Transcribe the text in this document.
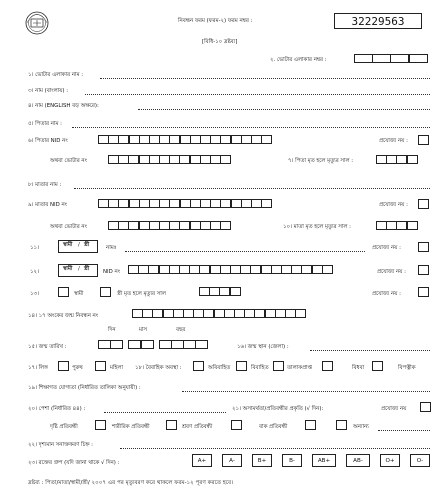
নিবন্ধন ফরম (ফরম-২) ফরম নম্বর :	32229563
[বিধি-১০ দ্রষ্টব্য]
২. ভোটার এলাকার নম্বর :
১। ভোটার এলাকার নাম :
৩। নাম (বাংলায়) :
৪। নাম (ENGLISH বড় অক্ষরে):
৫। পিতার নাম :
৬। পিতার NID নং	প্রযোজ্য নয় :
অথবা ভোটার নং	৭। পিতা মৃত হলে মৃত্যুর সাল :
৮। মাতার নাম :
৯। মাতার NID নং	প্রযোজ্য নয় :
অথবা ভোটার নং	১০। মাতা মৃত হলে মৃত্যুর সাল :
১১।	স্বামী / স্ত্রী	নামঃ	প্রযোজ্য নয় :
১২।	স্বামী / স্ত্রী	NID নং	প্রযোজ্য নয় :
১৩।	স্বামী	স্ত্রী মৃত হলে মৃত্যুর সাল	প্রযোজ্য নয় :
১৪। ১৭ অংকের জন্ম নিবন্ধন নং
দিন	মাস	বছর
১৫। জন্ম তারিখ :	১৬। জন্ম স্থান (জেলা) :
১৭। লিঙ্গ	পুরুষ	মহিলা ১৮। বৈবাহিক অবস্থা :	অবিবাহিত	বিবাহিত	তালাকপ্রাপ্ত	বিধবা	বিপত্নীক
১৯। শিক্ষাগত যোগ্যতা (নির্ধারিত তালিকা অনুযায়ী) :
২০। পেশা (নির্ধারিত ৪৪) :	২১। অসামর্থতা/প্রতিবন্ধীর প্রকৃতি (√ দিন):	প্রযোজ্য নয়
দৃষ্টি প্রতিবন্ধী	শারীরিক প্রতিবন্ধী	শ্রবণ প্রতিবন্ধী	বাক প্রতিবন্ধী	অন্যান্য
২২। দৃশ্যমান সনাক্তকরণ চিহ্ন :
২৩। রক্তের গ্রুপ (যদি জানা থাকে √ দিন) :	A+	A-	B+	B-	AB+	AB-	O+	O-
দ্রষ্টব্য : পিতা/মাতা/স্বামী/স্ত্রী/ ২০০৭ এর পর মৃত্যুবরণ করে থাকলে ফরম-১২ পূরণ করতে হবে।
